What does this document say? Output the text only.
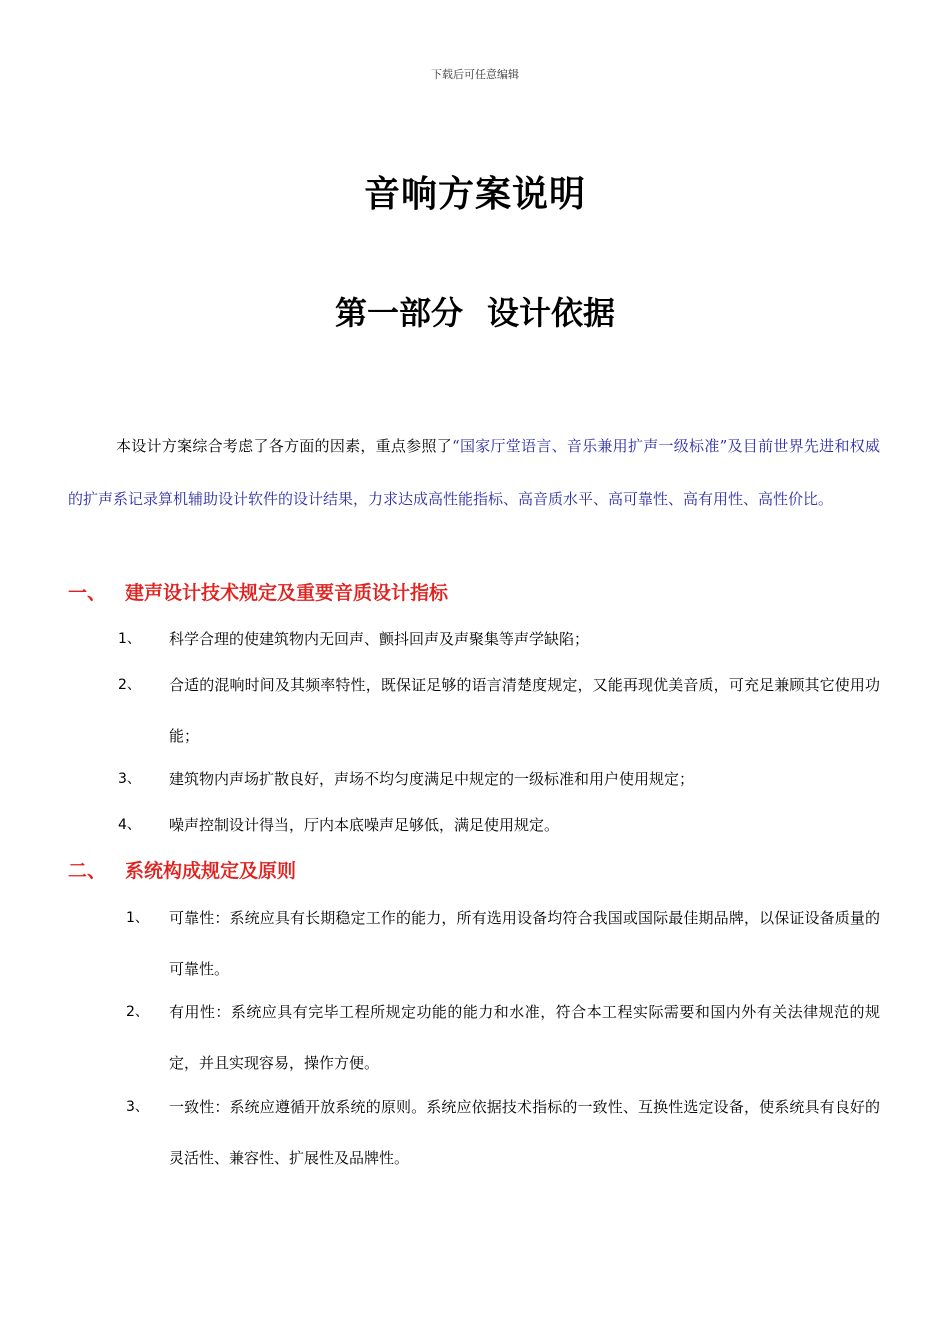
下载后可任意编辑
音响方案说明
第一部分 设计依据

本设计方案综合考虑了各方面的因素，重点参照了“国家厅堂语言、音乐兼用扩声一级标准”及目前世界先进和权威的扩声系记录算机辅助设计软件的设计结果，力求达成高性能指标、高音质水平、高可靠性、高有用性、高性价比。

一、 建声设计技术规定及重要音质设计指标
1、	科学合理的使建筑物内无回声、颤抖回声及声聚集等声学缺陷；
2、	合适的混响时间及其频率特性，既保证足够的语言清楚度规定，又能再现优美音质，可充足兼顾其它使用功能；
3、	建筑物内声场扩散良好，声场不均匀度满足中规定的一级标准和用户使用规定；
4、	噪声控制设计得当，厅内本底噪声足够低，满足使用规定。
二、 系统构成规定及原则
1、	可靠性：系统应具有长期稳定工作的能力，所有选用设备均符合我国或国际最佳期品牌，以保证设备质量的可靠性。
2、	有用性：系统应具有完毕工程所规定功能的能力和水准，符合本工程实际需要和国内外有关法律规范的规定，并且实现容易，操作方便。
3、	一致性：系统应遵循开放系统的原则。系统应依据技术指标的一致性、互换性选定设备，使系统具有良好的灵活性、兼容性、扩展性及品牌性。
